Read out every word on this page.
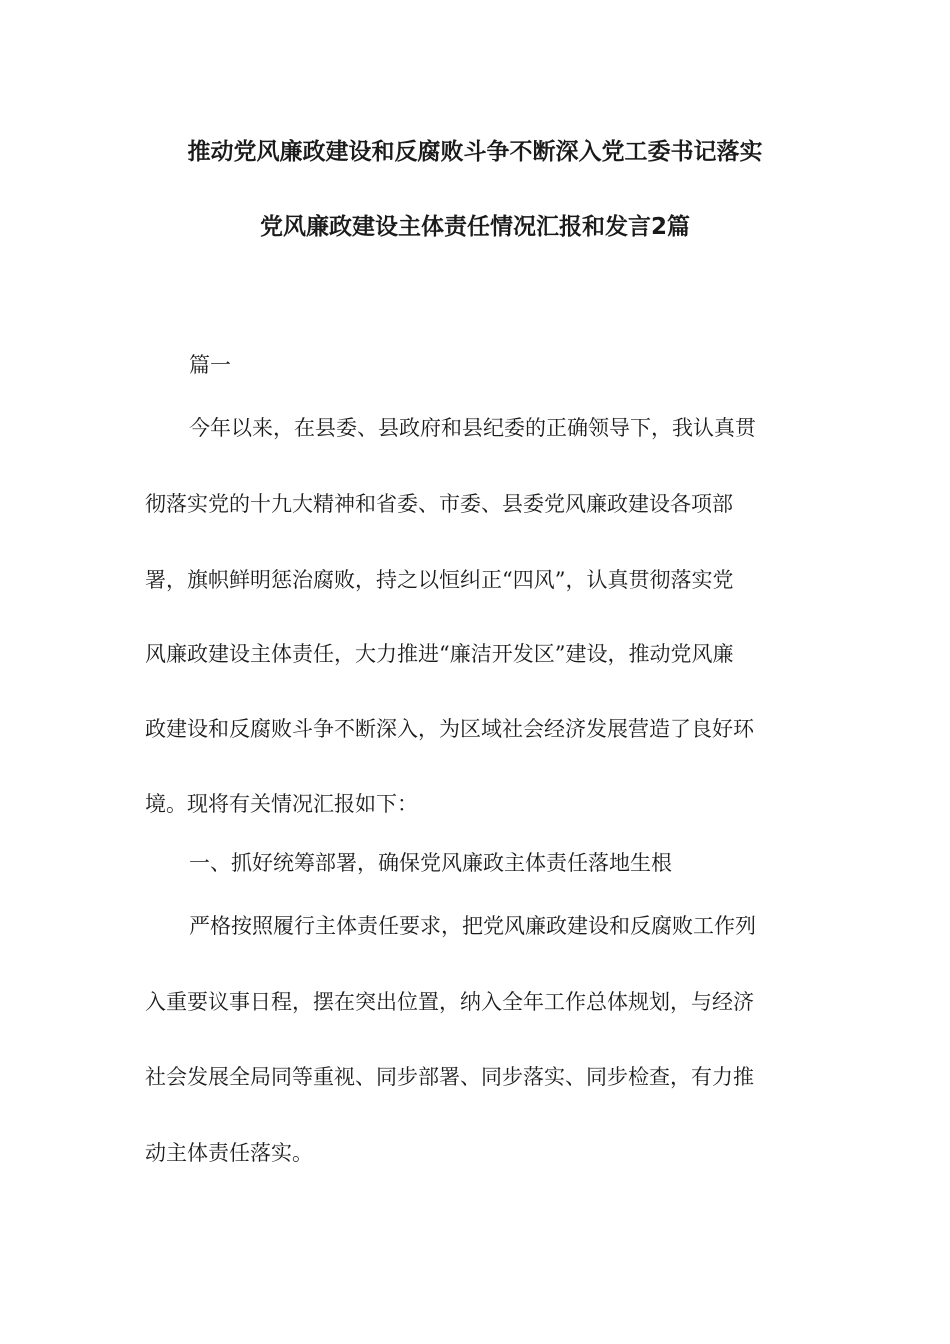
推动党风廉政建设和反腐败斗争不断深入党工委书记落实
党风廉政建设主体责任情况汇报和发言2篇
篇一
今年以来，在县委、县政府和县纪委的正确领导下，我认真贯
彻落实党的十九大精神和省委、市委、县委党风廉政建设各项部
署，旗帜鲜明惩治腐败，持之以恒纠正“四风”，认真贯彻落实党
风廉政建设主体责任，大力推进“廉洁开发区”建设，推动党风廉
政建设和反腐败斗争不断深入，为区域社会经济发展营造了良好环
境。现将有关情况汇报如下：
一、抓好统筹部署，确保党风廉政主体责任落地生根
严格按照履行主体责任要求，把党风廉政建设和反腐败工作列
入重要议事日程，摆在突出位置，纳入全年工作总体规划，与经济
社会发展全局同等重视、同步部署、同步落实、同步检查，有力推
动主体责任落实。
